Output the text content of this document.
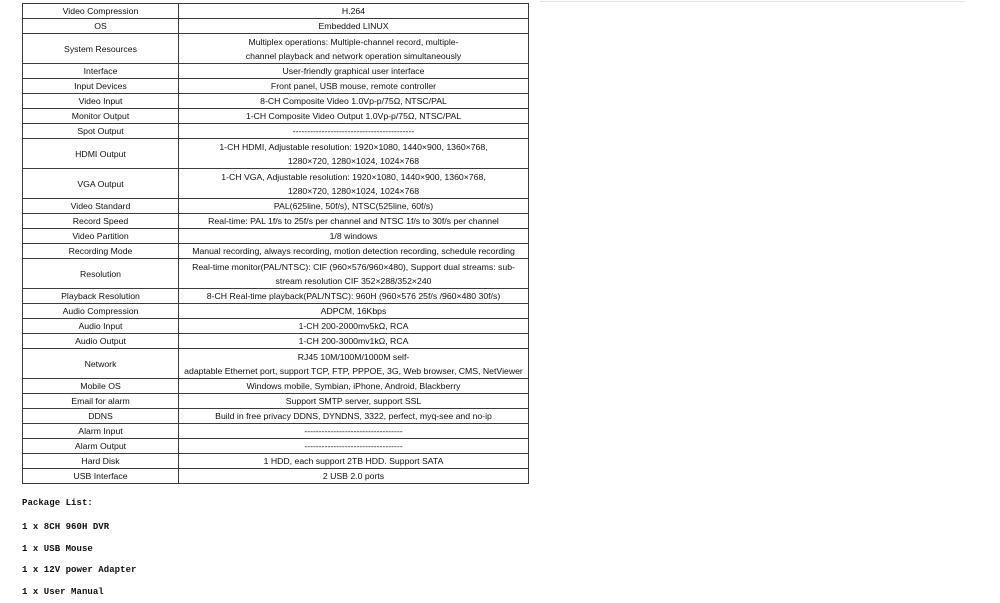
Video Compression	H.264

OS	Embedded LINUX

System Resources	Multiplex operations: Multiple-channel record, multiple-
channel playback and network operation simultaneously

Interface	User-friendly graphical user interface

Input Devices	Front panel, USB mouse, remote controller

Video Input	8-CH Composite Video 1.0Vp-p/75Ω, NTSC/PAL

Monitor Output	1-CH Composite Video Output 1.0Vp-p/75Ω, NTSC/PAL

Spot Output	------------------------------------------

HDMI Output	1-CH HDMI, Adjustable resolution: 1920×1080, 1440×900, 1360×768,
1280×720, 1280×1024, 1024×768

VGA Output	1-CH VGA, Adjustable resolution: 1920×1080, 1440×900, 1360×768,
1280×720, 1280×1024, 1024×768

Video Standard	PAL(625line, 50f/s), NTSC(525line, 60f/s)

Record Speed	Real-time: PAL 1f/s to 25f/s per channel and NTSC 1f/s to 30f/s per channel

Video Partition	1/8 windows

Recording Mode	Manual recording, always recording, motion detection recording, schedule recording

Resolution	Real-time monitor(PAL/NTSC): CIF (960×576/960×480), Support dual streams: sub-
stream resolution CIF 352×288/352×240

Playback Resolution	8-CH Real-time playback(PAL/NTSC): 960H (960×576 25f/s /960×480 30f/s)

Audio Compression	ADPCM, 16Kbps

Audio Input	1-CH 200-2000mv5kΩ, RCA

Audio Output	1-CH 200-3000mv1kΩ, RCA

Network	RJ45 10M/100M/1000M self-
adaptable Ethernet port, support TCP, FTP, PPPOE, 3G, Web browser, CMS, NetViewer

Mobile OS	Windows mobile, Symbian, iPhone, Android, Blackberry

Email for alarm	Support SMTP server, support SSL

DDNS	Build in free privacy DDNS, DYNDNS, 3322, perfect, myq-see and no-ip

Alarm Input	----------------------------------

Alarm Output	----------------------------------

Hard Disk	1 HDD, each support 2TB HDD. Support SATA

USB Interface	2 USB 2.0 ports
Package List:
1 x 8CH 960H DVR
1 x USB Mouse
1 x 12V power Adapter
1 x User Manual
